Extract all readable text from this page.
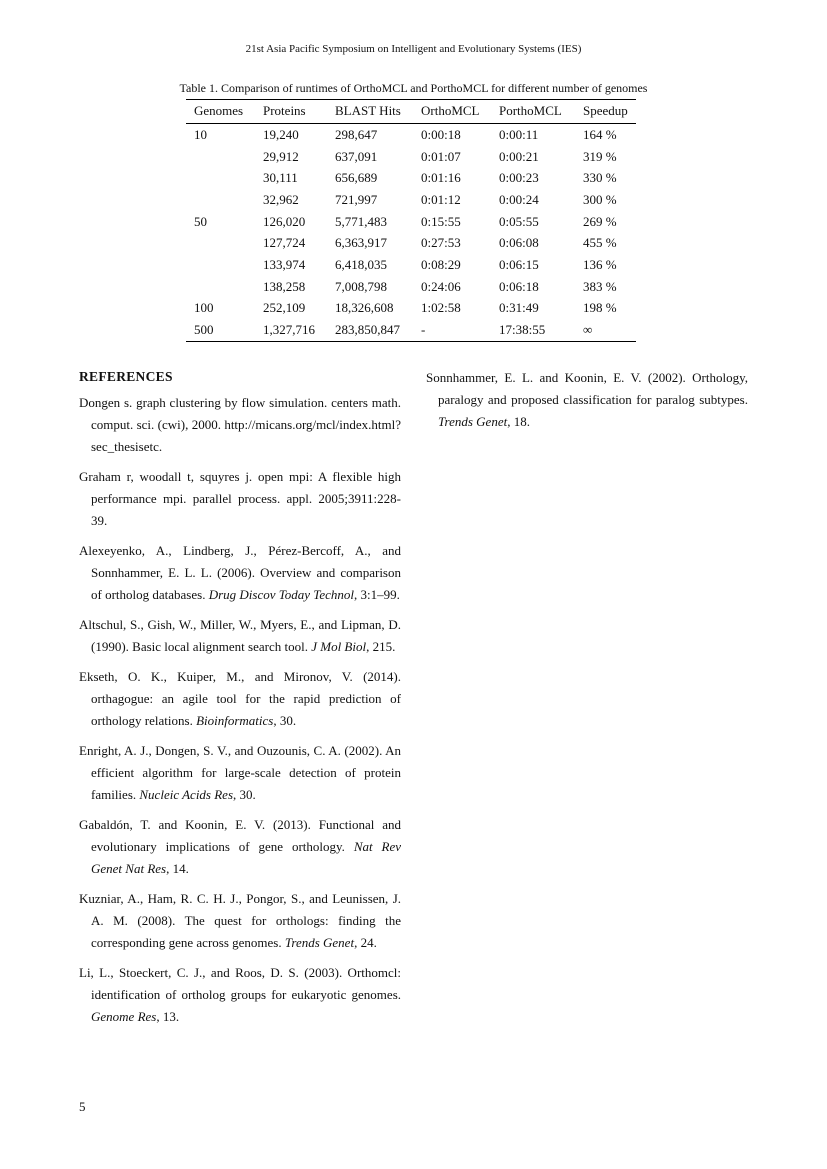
21st Asia Pacific Symposium on Intelligent and Evolutionary Systems (IES)
Table 1. Comparison of runtimes of OrthoMCL and PorthoMCL for different number of genomes
Genomes	Proteins	BLAST Hits	OrthoMCL	PorthoMCL	Speedup
10	19,240	298,647	0:00:18	0:00:11	164 %
	29,912	637,091	0:01:07	0:00:21	319 %
	30,111	656,689	0:01:16	0:00:23	330 %
	32,962	721,997	0:01:12	0:00:24	300 %
50	126,020	5,771,483	0:15:55	0:05:55	269 %
	127,724	6,363,917	0:27:53	0:06:08	455 %
	133,974	6,418,035	0:08:29	0:06:15	136 %
	138,258	7,008,798	0:24:06	0:06:18	383 %
100	252,109	18,326,608	1:02:58	0:31:49	198 %
500	1,327,716	283,850,847	-	17:38:55	∞
REFERENCES

Dongen s. graph clustering by flow simulation. centers math. comput. sci. (cwi), 2000. http://micans.org/mcl/index.html?sec_thesisetc.

Graham r, woodall t, squyres j. open mpi: A flexible high performance mpi. parallel process. appl. 2005;3911:228-39.

Alexeyenko, A., Lindberg, J., Pérez-Bercoff, A., and Sonnhammer, E. L. L. (2006). Overview and comparison of ortholog databases. Drug Discov Today Technol, 3:1–99.

Altschul, S., Gish, W., Miller, W., Myers, E., and Lipman, D. (1990). Basic local alignment search tool. J Mol Biol, 215.

Ekseth, O. K., Kuiper, M., and Mironov, V. (2014). orthagogue: an agile tool for the rapid prediction of orthology relations. Bioinformatics, 30.

Enright, A. J., Dongen, S. V., and Ouzounis, C. A. (2002). An efficient algorithm for large-scale detection of protein families. Nucleic Acids Res, 30.

Gabaldón, T. and Koonin, E. V. (2013). Functional and evolutionary implications of gene orthology. Nat Rev Genet Nat Res, 14.

Kuzniar, A., Ham, R. C. H. J., Pongor, S., and Leunissen, J. A. M. (2008). The quest for orthologs: finding the corresponding gene across genomes. Trends Genet, 24.

Li, L., Stoeckert, C. J., and Roos, D. S. (2003). Orthomcl: identification of ortholog groups for eukaryotic genomes. Genome Res, 13.

Sonnhammer, E. L. and Koonin, E. V. (2002). Orthology, paralogy and proposed classification for paralog subtypes. Trends Genet, 18.

5
